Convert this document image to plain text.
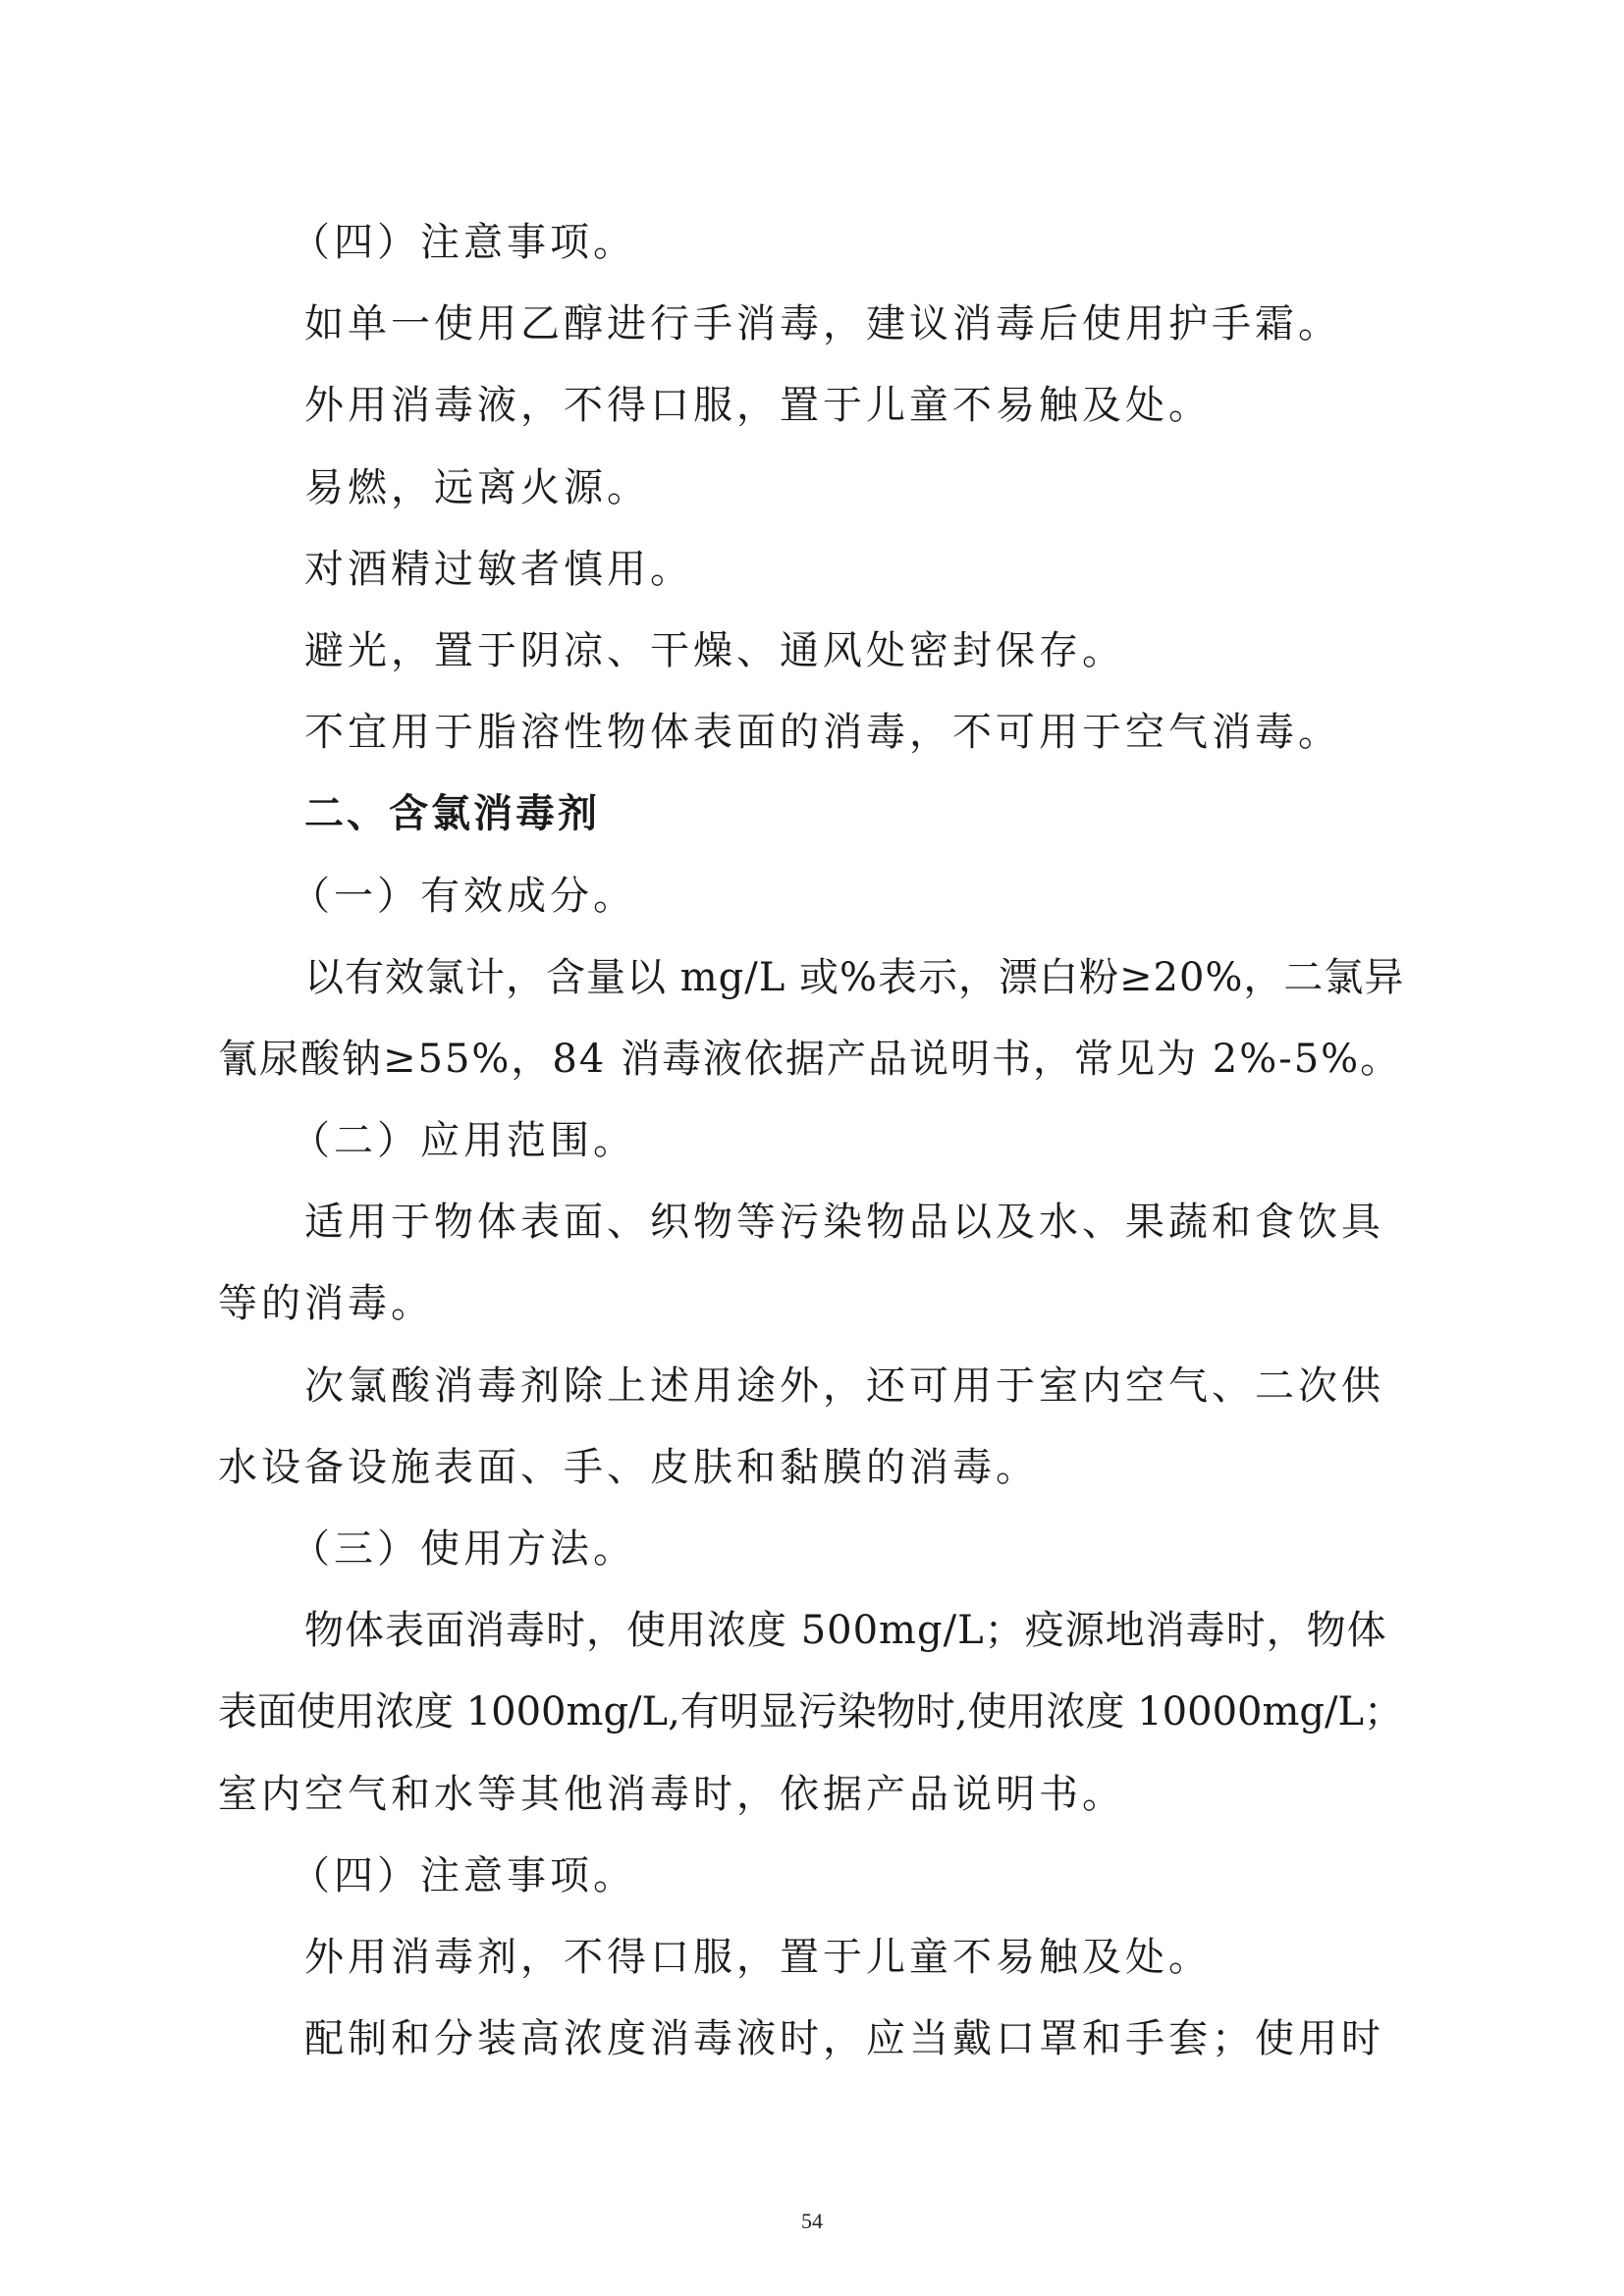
（四）注意事项。
如单一使用乙醇进行手消毒，建议消毒后使用护手霜。
外用消毒液，不得口服，置于儿童不易触及处。
易燃，远离火源。
对酒精过敏者慎用。
避光，置于阴凉、干燥、通风处密封保存。
不宜用于脂溶性物体表面的消毒，不可用于空气消毒。
二、含氯消毒剂
（一）有效成分。
以有效氯计，含量以 mg/L 或%表示，漂白粉≥20%，二氯异
氰尿酸钠≥55%，84 消毒液依据产品说明书，常见为 2%-5%。
（二）应用范围。
适用于物体表面、织物等污染物品以及水、果蔬和食饮具
等的消毒。
次氯酸消毒剂除上述用途外，还可用于室内空气、二次供
水设备设施表面、手、皮肤和黏膜的消毒。
（三）使用方法。
物体表面消毒时，使用浓度 500mg/L；疫源地消毒时，物体
表面使用浓度 1000mg/L,有明显污染物时,使用浓度 10000mg/L；
室内空气和水等其他消毒时，依据产品说明书。
（四）注意事项。
外用消毒剂，不得口服，置于儿童不易触及处。
配制和分装高浓度消毒液时，应当戴口罩和手套；使用时
54
